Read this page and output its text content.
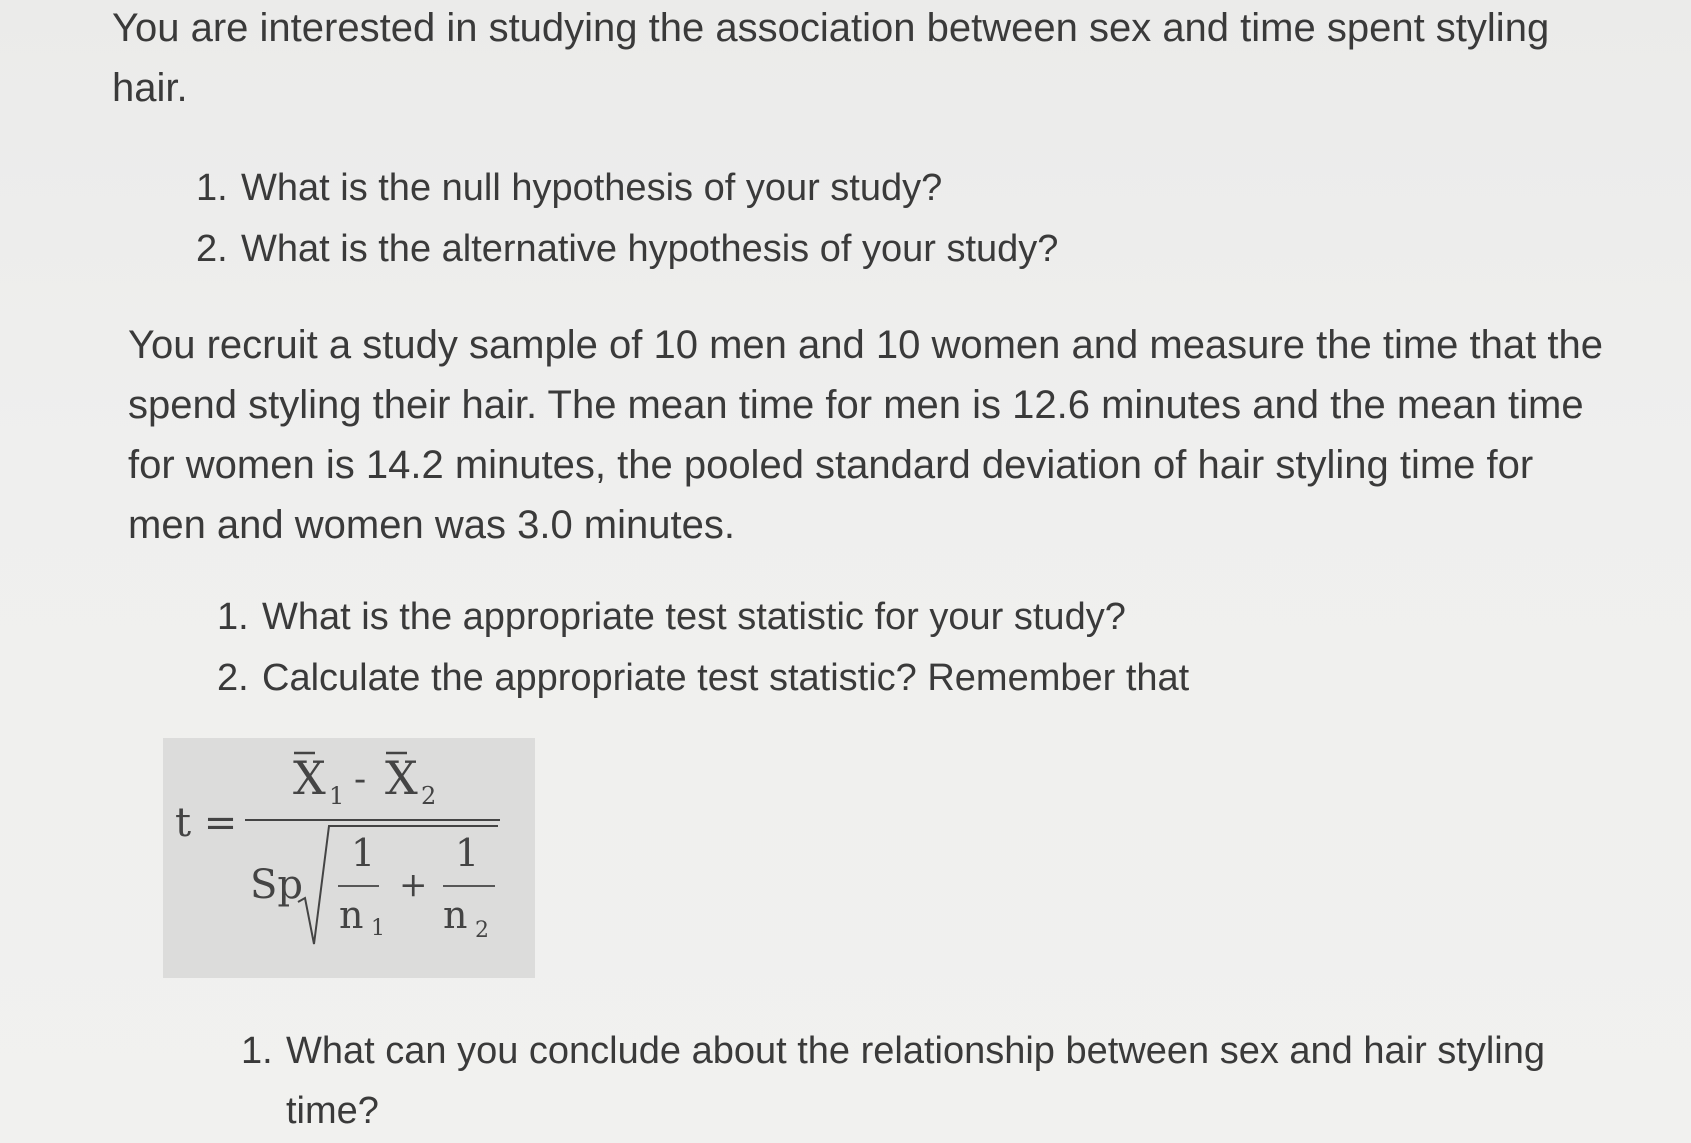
You are interested in studying the association between sex and time spent styling hair.

1. What is the null hypothesis of your study?
2. What is the alternative hypothesis of your study?

You recruit a study sample of 10 men and 10 women and measure the time that the spend styling their hair. The mean time for men is 12.6 minutes and the mean time for women is 14.2 minutes, the pooled standard deviation of hair styling time for men and women was 3.0 minutes.

1. What is the appropriate test statistic for your study?
2. Calculate the appropriate test statistic? Remember that
t =
X 1 - X 2
Sp
1
n 1
+
1
n 2
1. What can you conclude about the relationship between sex and hair styling time?
